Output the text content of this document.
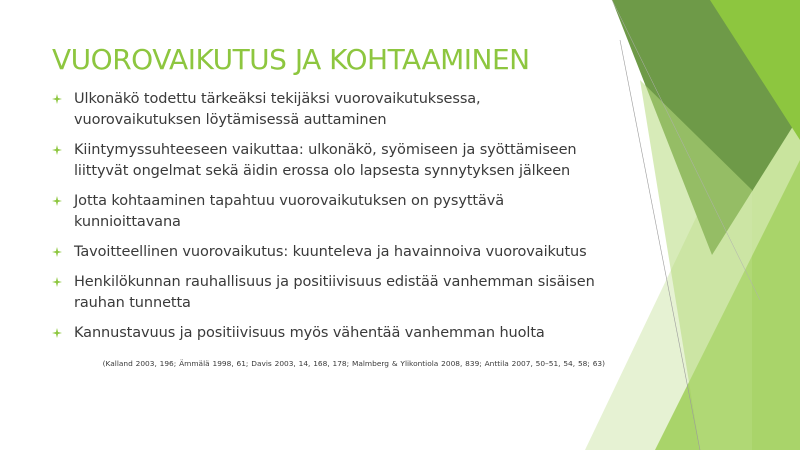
VUOROVAIKUTUS JA KOHTAAMINEN
Ulkonäkö todettu tärkeäksi tekijäksi vuorovaikutuksessa, vuorovaikutuksen löytämisessä auttaminen
Kiintymyssuhteeseen vaikuttaa: ulkonäkö, syömiseen ja syöttämiseen liittyvät ongelmat sekä äidin erossa olo lapsesta synnytyksen jälkeen
Jotta kohtaaminen tapahtuu vuorovaikutuksen on pysyttävä kunnioittavana
Tavoitteellinen vuorovaikutus: kuunteleva ja havainnoiva vuorovaikutus
Henkilökunnan rauhallisuus ja positiivisuus edistää vanhemman sisäisen rauhan tunnetta
Kannustavuus ja positiivisuus myös vähentää vanhemman huolta

(Kalland 2003, 196; Ämmälä 1998, 61; Davis 2003, 14, 168, 178; Malmberg & Ylikontiola 2008, 839; Anttila 2007, 50–51, 54, 58; 63)
